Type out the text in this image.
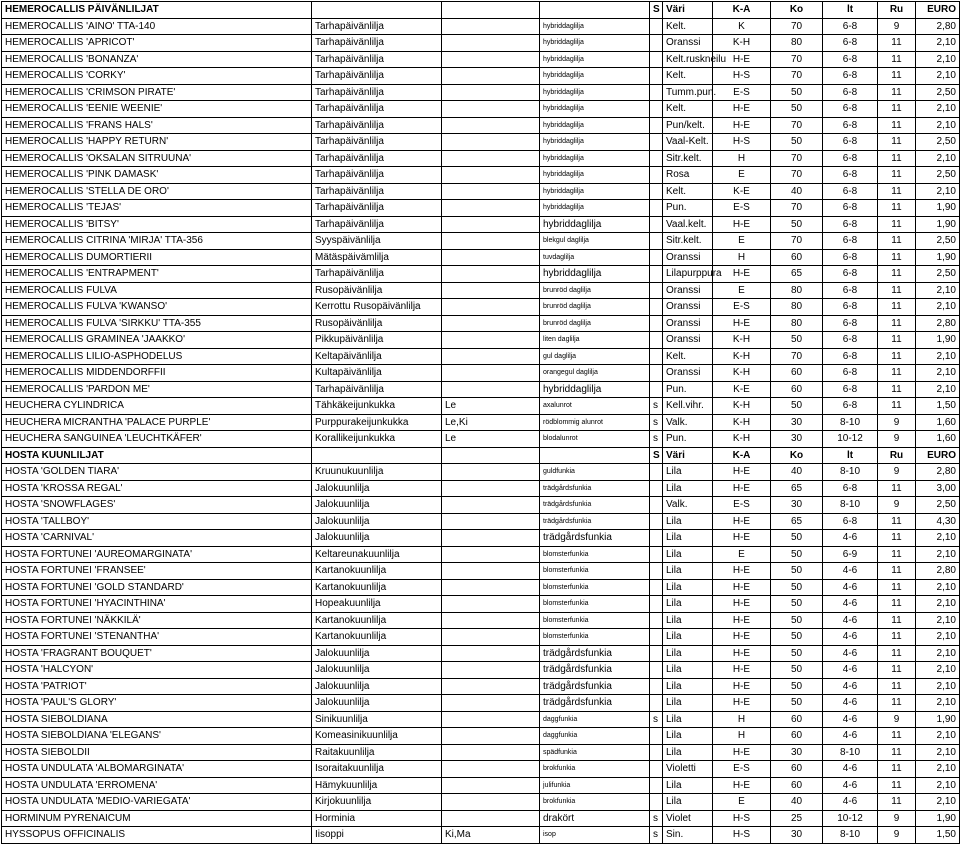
HEMEROCALLIS PÄIVÄNLILJAT				S	Väri	K-A	Ko	lt	Ru	EURO
HEMEROCALLIS 'AINO' TTA-140	Tarhapäivänlilja		hybriddaglilja		Kelt.	K	70	6-8	9	2,80
HEMEROCALLIS 'APRICOT'	Tarhapäivänlilja		hybriddaglilja		Oranssi	K-H	80	6-8	11	2,10
HEMEROCALLIS 'BONANZA'	Tarhapäivänlilja		hybriddaglilja		Kelt.ruskneilu	H-E	70	6-8	11	2,10
HEMEROCALLIS 'CORKY'	Tarhapäivänlilja		hybriddaglilja		Kelt.	H-S	70	6-8	11	2,10
HEMEROCALLIS 'CRIMSON PIRATE'	Tarhapäivänlilja		hybriddaglilja		Tumm.pun.	E-S	50	6-8	11	2,50
HEMEROCALLIS 'EENIE WEENIE'	Tarhapäivänlilja		hybriddaglilja		Kelt.	H-E	50	6-8	11	2,10
HEMEROCALLIS 'FRANS HALS'	Tarhapäivänlilja		hybriddaglilja		Pun/kelt.	H-E	70	6-8	11	2,10
HEMEROCALLIS 'HAPPY RETURN'	Tarhapäivänlilja		hybriddaglilja		Vaal-Kelt.	H-S	50	6-8	11	2,50
HEMEROCALLIS 'OKSALAN SITRUUNA'	Tarhapäivänlilja		hybriddaglilja		Sitr.kelt.	H	70	6-8	11	2,10
HEMEROCALLIS 'PINK DAMASK'	Tarhapäivänlilja		hybriddaglilja		Rosa	E	70	6-8	11	2,50
HEMEROCALLIS 'STELLA DE ORO'	Tarhapäivänlilja		hybriddaglilja		Kelt.	K-E	40	6-8	11	2,10
HEMEROCALLIS 'TEJAS'	Tarhapäivänlilja		hybriddaglilja		Pun.	E-S	70	6-8	11	1,90
HEMEROCALLIS 'BITSY'	Tarhapäivänlilja		hybriddaglilja		Vaal.kelt.	H-E	50	6-8	11	1,90
HEMEROCALLIS CITRINA 'MIRJA' TTA-356	Syyspäivänlilja		blekgul daglilja		Sitr.kelt.	E	70	6-8	11	2,50
HEMEROCALLIS DUMORTIERII	Mätäspäivämlilja		tuvdaglilja		Oranssi	H	60	6-8	11	1,90
HEMEROCALLIS 'ENTRAPMENT'	Tarhapäivänlilja		hybriddaglilja		Lilapurppura	H-E	65	6-8	11	2,50
HEMEROCALLIS FULVA	Rusopäivänlilja		brunröd daglilja		Oranssi	E	80	6-8	11	2,10
HEMEROCALLIS FULVA 'KWANSO'	Kerrottu Rusopäivänlilja		brunröd daglilja		Oranssi	E-S	80	6-8	11	2,10
HEMEROCALLIS FULVA 'SIRKKU' TTA-355	Rusopäivänlilja		brunröd daglilja		Oranssi	H-E	80	6-8	11	2,80
HEMEROCALLIS GRAMINEA 'JAAKKO'	Pikkupäivänlilja		liten daglilja		Oranssi	K-H	50	6-8	11	1,90
HEMEROCALLIS LILIO-ASPHODELUS	Keltapäivänlilja		gul daglilja		Kelt.	K-H	70	6-8	11	2,10
HEMEROCALLIS MIDDENDORFFII	Kultapäivänlilja		orangegul daglilja		Oranssi	K-H	60	6-8	11	2,10
HEMEROCALLIS 'PARDON ME'	Tarhapäivänlilja		hybriddaglilja		Pun.	K-E	60	6-8	11	2,10
HEUCHERA CYLINDRICA	Tähkäkeijunkukka	Le	axalunrot	s	Kell.vihr.	K-H	50	6-8	11	1,50
HEUCHERA MICRANTHA 'PALACE PURPLE'	Purppurakeijunkukka	Le,Ki	rödblommig alunrot	s	Valk.	K-H	30	8-10	9	1,60
HEUCHERA SANGUINEA 'LEUCHTKÄFER'	Korallikeijunkukka	Le	blodalunrot	s	Pun.	K-H	30	10-12	9	1,60
HOSTA KUUNLILJAT				S	Väri	K-A	Ko	lt	Ru	EURO
HOSTA 'GOLDEN TIARA'	Kruunukuunlilja		guldfunkia		Lila	H-E	40	8-10	9	2,80
HOSTA 'KROSSA REGAL'	Jalokuunlilja		trädgårdsfunkia		Lila	H-E	65	6-8	11	3,00
HOSTA 'SNOWFLAGES'	Jalokuunlilja		trädgårdsfunkia		Valk.	E-S	30	8-10	9	2,50
HOSTA 'TALLBOY'	Jalokuunlilja		trädgårdsfunkia		Lila	H-E	65	6-8	11	4,30
HOSTA 'CARNIVAL'	Jalokuunlilja		trädgårdsfunkia		Lila	H-E	50	4-6	11	2,10
HOSTA FORTUNEI 'AUREOMARGINATA'	Keltareunakuunlilja		blomsterfunkia		Lila	E	50	6-9	11	2,10
HOSTA FORTUNEI 'FRANSEE'	Kartanokuunlilja		blomsterfunkia		Lila	H-E	50	4-6	11	2,80
HOSTA FORTUNEI 'GOLD STANDARD'	Kartanokuunlilja		blomsterfunkia		Lila	H-E	50	4-6	11	2,10
HOSTA FORTUNEI 'HYACINTHINA'	Hopeakuunlilja		blomsterfunkia		Lila	H-E	50	4-6	11	2,10
HOSTA FORTUNEI 'NÄKKILÄ'	Kartanokuunlilja		blomsterfunkia		Lila	H-E	50	4-6	11	2,10
HOSTA FORTUNEI 'STENANTHA'	Kartanokuunlilja		blomsterfunkia		Lila	H-E	50	4-6	11	2,10
HOSTA 'FRAGRANT BOUQUET'	Jalokuunlilja		trädgårdsfunkia		Lila	H-E	50	4-6	11	2,10
HOSTA 'HALCYON'	Jalokuunlilja		trädgårdsfunkia		Lila	H-E	50	4-6	11	2,10
HOSTA 'PATRIOT'	Jalokuunlilja		trädgårdsfunkia		Lila	H-E	50	4-6	11	2,10
HOSTA 'PAUL'S GLORY'	Jalokuunlilja		trädgårdsfunkia		Lila	H-E	50	4-6	11	2,10
HOSTA SIEBOLDIANA	Sinikuunlilja		daggfunkia	s	Lila	H	60	4-6	9	1,90
HOSTA SIEBOLDIANA 'ELEGANS'	Komeasinikuunlilja		daggfunkia		Lila	H	60	4-6	11	2,10
HOSTA SIEBOLDII	Raitakuunlilja		spädfunkia		Lila	H-E	30	8-10	11	2,10
HOSTA UNDULATA 'ALBOMARGINATA'	Isoraitakuunlilja		brokfunkia		Violetti	E-S	60	4-6	11	2,10
HOSTA UNDULATA 'ERROMENA'	Hämykuunlilja		julifunkia		Lila	H-E	60	4-6	11	2,10
HOSTA UNDULATA 'MEDIO-VARIEGATA'	Kirjokuunlilja		brokfunkia		Lila	E	40	4-6	11	2,10
HORMINUM PYRENAICUM	Horminia		drakört	s	Violet	H-S	25	10-12	9	1,90
HYSSOPUS OFFICINALIS	Iisoppi	Ki,Ma	isop	s	Sin.	H-S	30	8-10	9	1,50
